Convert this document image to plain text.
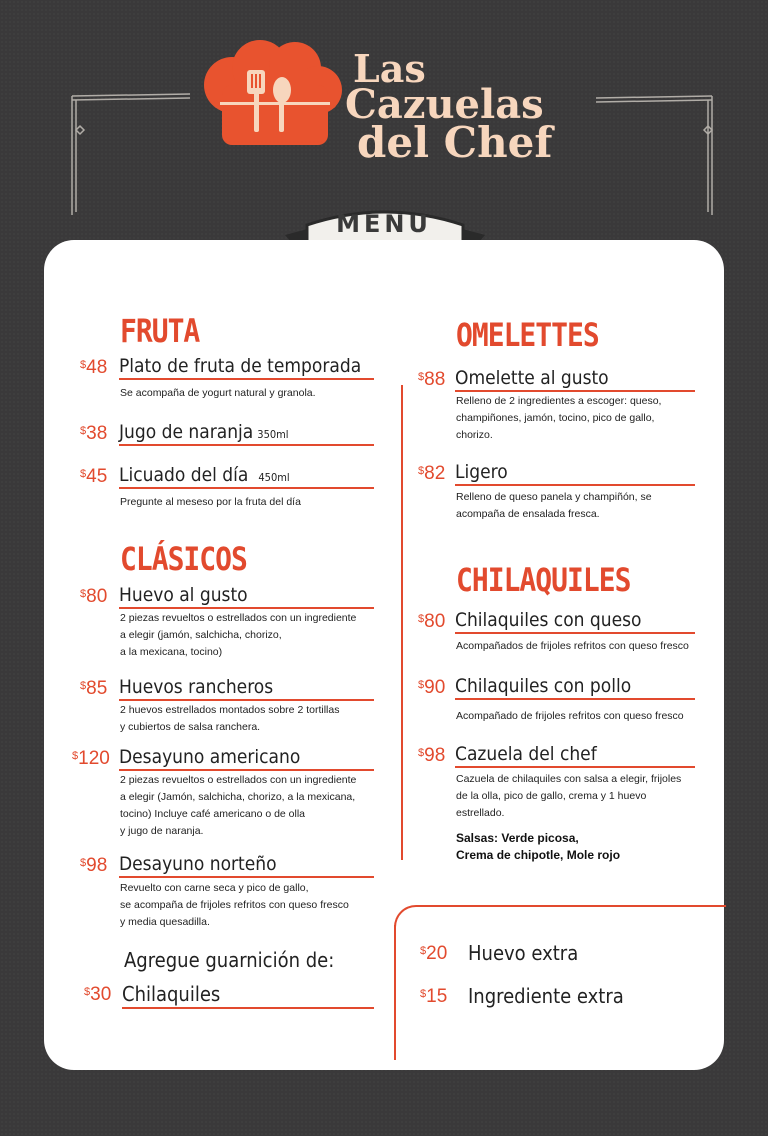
Las
Cazuelas
del Chef
MENÚ
FRUTA
$48 Plato de fruta de temporada
Se acompaña de yogurt natural y granola.
$38 Jugo de naranja 350ml
$45 Licuado del día 450ml
Pregunte al meseso por la fruta del día
CLÁSICOS
$80 Huevo al gusto
2 piezas revueltos o estrellados con un ingrediente
a elegir (jamón, salchicha, chorizo,
a la mexicana, tocino)
$85 Huevos rancheros
2 huevos estrellados montados sobre 2 tortillas
y cubiertos de salsa ranchera.
$120 Desayuno americano
2 piezas revueltos o estrellados con un ingrediente
a elegir (Jamón, salchicha, chorizo, a la mexicana,
tocino) Incluye café americano o de olla
y jugo de naranja.
$98 Desayuno norteño
Revuelto con carne seca y pico de gallo,
se acompaña de frijoles refritos con queso fresco
y media quesadilla.
Agregue guarnición de:
$30 Chilaquiles
OMELETTES
$88 Omelette al gusto
Relleno de 2 ingredientes a escoger: queso,
champiñones, jamón, tocino, pico de gallo,
chorizo.
$82 Ligero
Relleno de queso panela y champiñón, se
acompaña de ensalada fresca.
CHILAQUILES
$80 Chilaquiles con queso
Acompañados de frijoles refritos con queso fresco
$90 Chilaquiles con pollo
Acompañado de frijoles refritos con queso fresco
$98 Cazuela del chef
Cazuela de chilaquiles con salsa a elegir, frijoles
de la olla, pico de gallo, crema y 1 huevo
estrellado.
Salsas: Verde picosa,
Crema de chipotle, Mole rojo
$20 Huevo extra
$15 Ingrediente extra
